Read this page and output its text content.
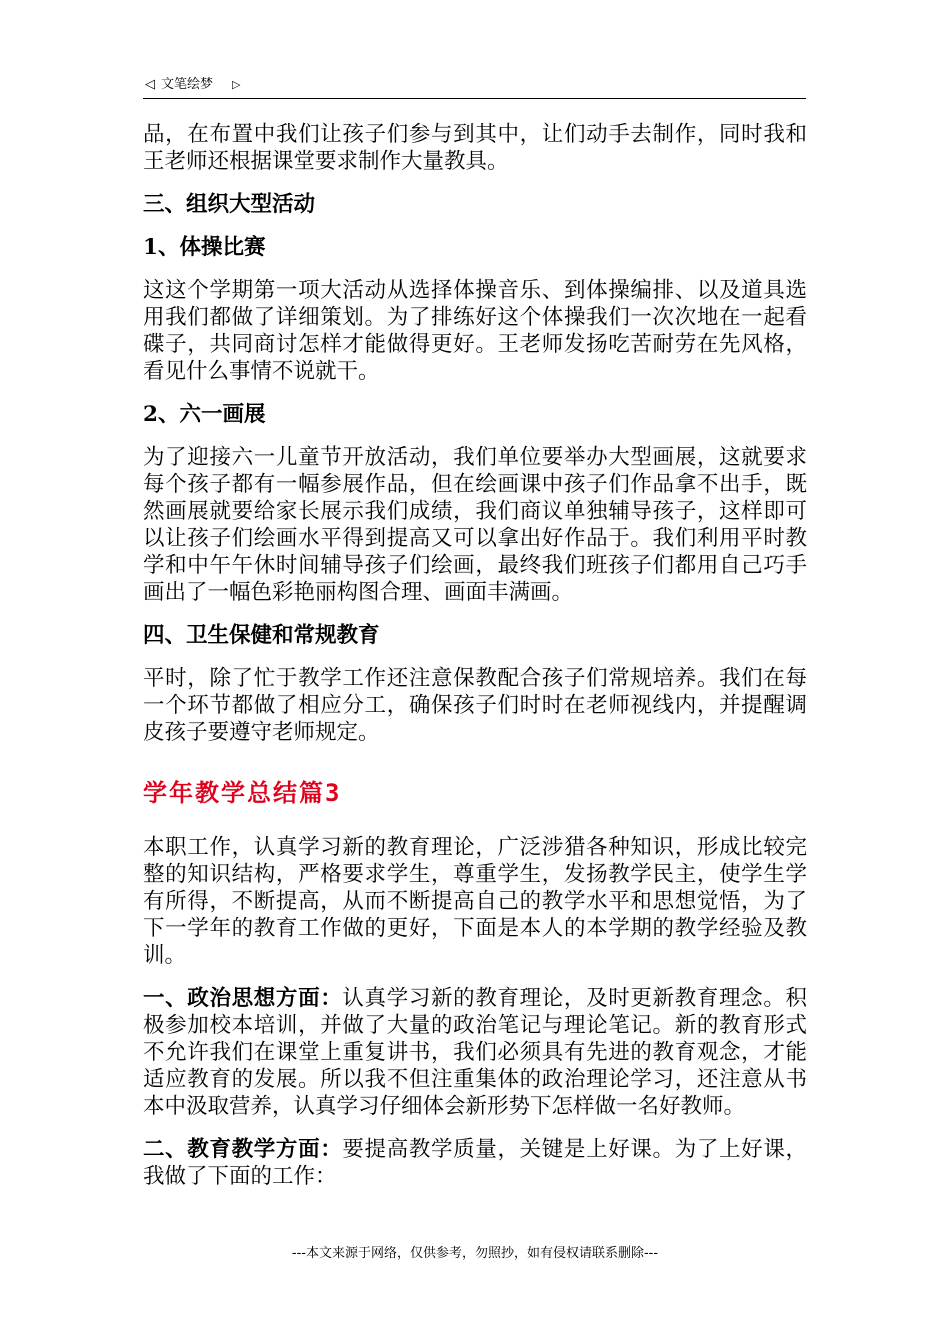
◁ 文笔绘梦 ▷

品，在布置中我们让孩子们参与到其中，让们动手去制作，同时我和王老师还根据课堂要求制作大量教具。

三、组织大型活动

1、体操比赛

这这个学期第一项大活动从选择体操音乐、到体操编排、以及道具选用我们都做了详细策划。为了排练好这个体操我们一次次地在一起看碟子，共同商讨怎样才能做得更好。王老师发扬吃苦耐劳在先风格，看见什么事情不说就干。

2、六一画展

为了迎接六一儿童节开放活动，我们单位要举办大型画展，这就要求每个孩子都有一幅参展作品，但在绘画课中孩子们作品拿不出手，既然画展就要给家长展示我们成绩，我们商议单独辅导孩子，这样即可以让孩子们绘画水平得到提高又可以拿出好作品于。我们利用平时教学和中午午休时间辅导孩子们绘画，最终我们班孩子们都用自己巧手画出了一幅色彩艳丽构图合理、画面丰满画。

四、卫生保健和常规教育

平时，除了忙于教学工作还注意保教配合孩子们常规培养。我们在每一个环节都做了相应分工，确保孩子们时时在老师视线内，并提醒调皮孩子要遵守老师规定。

学年教学总结篇3

本职工作，认真学习新的教育理论，广泛涉猎各种知识，形成比较完整的知识结构，严格要求学生，尊重学生，发扬教学民主，使学生学有所得，不断提高，从而不断提高自己的教学水平和思想觉悟，为了下一学年的教育工作做的更好，下面是本人的本学期的教学经验及教训。

一、政治思想方面：认真学习新的教育理论，及时更新教育理念。积极参加校本培训，并做了大量的政治笔记与理论笔记。新的教育形式不允许我们在课堂上重复讲书，我们必须具有先进的教育观念，才能适应教育的发展。所以我不但注重集体的政治理论学习，还注意从书本中汲取营养，认真学习仔细体会新形势下怎样做一名好教师。

二、教育教学方面：要提高教学质量，关键是上好课。为了上好课，我做了下面的工作：

---本文来源于网络，仅供参考，勿照抄，如有侵权请联系删除---
